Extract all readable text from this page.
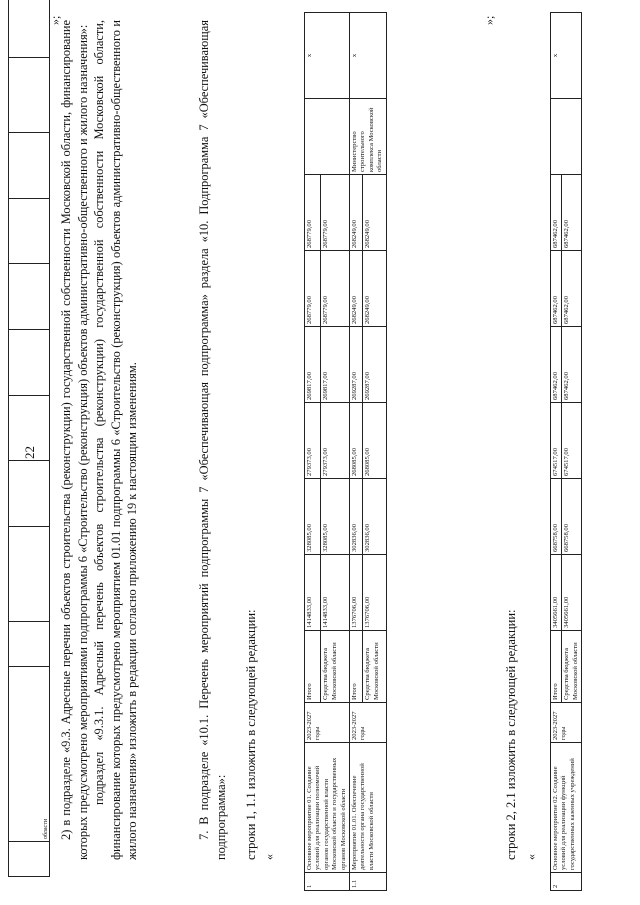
	области										
»;
22 2) в подразделе «9.3. Адресные перечни объектов строительства (реконструкции) государственной собственности Московской области, финансирование которых предусмотрено мероприятиями подпрограммы 6 «Строительство (реконструкция) объектов административно-общественного и жилого назначения»: подраздел «9.3.1. Адресный перечень объектов строительства (реконструкции) государственной собственности Московской области, финансирование которых предусмотрено мероприятием 01.01 подпрограммы 6 «Строительство (реконструкция) объектов административно-общественного и жилого назначения» изложить в редакции согласно приложению 19 к настоящим изменениям.	7. В подразделе «10.1. Перечень мероприятий подпрограммы 7 «Обеспечивающая подпрограмма» раздела «10. Подпрограмма 7 «Обеспечивающая подпрограмма»: строки 1, 1.1 изложить в следующей редакции: «
1	Основное мероприятие 01. Создание условий для реализации полномочий органов государственной власти Московской области и государственных органов Московской области	2023-2027 годы	Итого	1414833,00	328085,00	279373,00	269817,00	268779,00	268779,00		х
			Средства бюджета Московской области	1414833,00	328085,00	279373,00	269817,00	268779,00	268779,00		
1.1	Мероприятие 01.01. Обеспечение деятельности органа государственной власти Московской области	2023-2027 годы	Итого	1376706,00	302836,00	268085,00	269287,00	268249,00	268249,00	Министерство строительного комплекса Московской области	х
			Средства бюджета Московской области	1376706,00	302836,00	268085,00	269287,00	268249,00	268249,00		
»;
строки 2, 2.1 изложить в следующей редакции: «
2	Основное мероприятие 02. Создание условий для реализации функций государственных казенных учреждений	2023-2027 годы	Итого	3405661,00	668758,00	674517,00	687462,00	687462,00	687462,00		х
			Средства бюджета Московской области	3405661,00	668758,00	674517,00	687462,00	687462,00	687462,00		
